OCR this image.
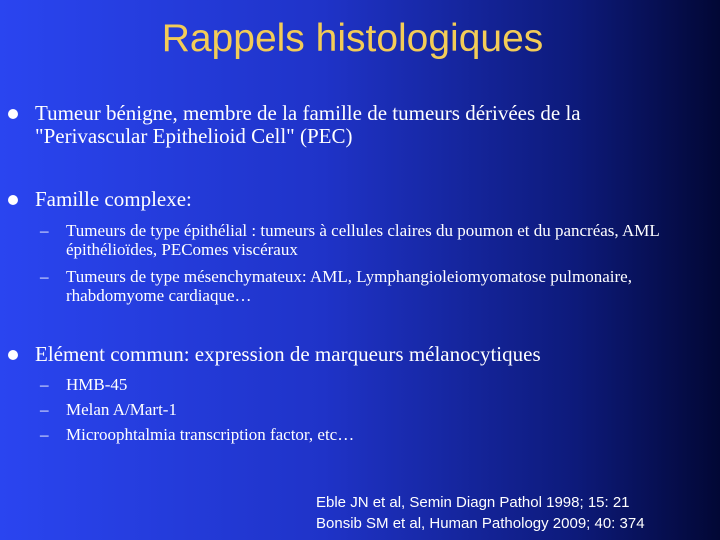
Rappels histologiques
Tumeur bénigne, membre de la famille de tumeurs dérivées de la "Perivascular Epithelioid Cell" (PEC)
Famille complexe:
– Tumeurs de type épithélial : tumeurs à cellules claires du poumon et du pancréas, AML épithélioïdes, PEComes viscéraux
– Tumeurs de type mésenchymateux: AML, Lymphangioleiomyomatose pulmonaire, rhabdomyome cardiaque…
Elément commun: expression de marqueurs mélanocytiques
– HMB-45
– Melan A/Mart-1
– Microophtalmia transcription factor, etc…
Eble JN et al, Semin Diagn Pathol 1998; 15: 21
Bonsib SM et al, Human Pathology 2009; 40: 374
